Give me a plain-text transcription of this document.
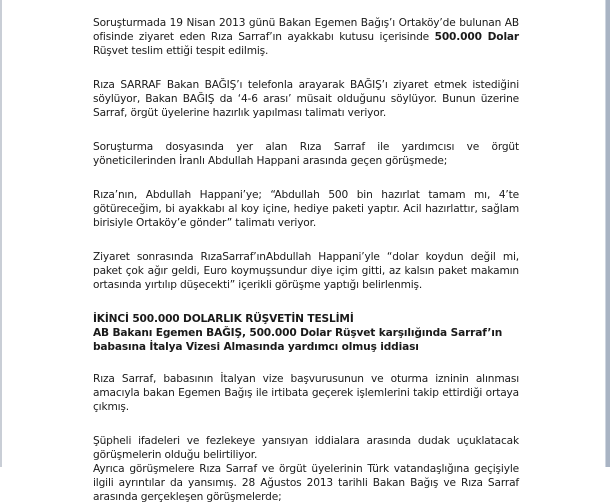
Soruşturmada 19 Nisan 2013 günü Bakan Egemen Bağış’ı Ortaköy’de bulunan AB ofisinde ziyaret eden Rıza Sarraf’ın ayakkabı kutusu içerisinde 500.000 Dolar Rüşvet teslim ettiği tespit edilmiş.

Rıza SARRAF Bakan BAĞIŞ’ı telefonla arayarak BAĞIŞ’ı ziyaret etmek istediğini söylüyor, Bakan BAĞIŞ da ‘4-6 arası’ müsait olduğunu söylüyor. Bunun üzerine Sarraf, örgüt üyelerine hazırlık yapılması talimatı veriyor.

Soruşturma dosyasında yer alan Rıza Sarraf ile yardımcısı ve örgüt yöneticilerinden İranlı Abdullah Happani arasında geçen görüşmede;

Rıza’nın, Abdullah Happani’ye; “Abdullah 500 bin hazırlat tamam mı, 4’te götüreceğim, bi ayakkabı al koy içine, hediye paketi yaptır. Acil hazırlattır, sağlam birisiyle Ortaköy’e gönder” talimatı veriyor.

Ziyaret sonrasında RızaSarraf’ınAbdullah Happani’yle “dolar koydun değil mi, paket çok ağır geldi, Euro koymuşsundur diye içim gitti, az kalsın paket makamın ortasında yırtılıp düşecekti” içerikli görüşme yaptığı belirlenmiş.

İKİNCİ 500.000 DOLARLIK RÜŞVETİN TESLİMİ

AB Bakanı Egemen BAĞIŞ, 500.000 Dolar Rüşvet karşılığında Sarraf’ın babasına İtalya Vizesi Almasında yardımcı olmuş iddiası

Rıza Sarraf, babasının İtalyan vize başvurusunun ve oturma izninin alınması amacıyla bakan Egemen Bağış ile irtibata geçerek işlemlerini takip ettirdiği ortaya çıkmış.

Şüpheli ifadeleri ve fezlekeye yansıyan iddialara arasında dudak uçuklatacak görüşmelerin olduğu belirtiliyor.

Ayrıca görüşmelere Rıza Sarraf ve örgüt üyelerinin Türk vatandaşlığına geçişiyle ilgili ayrıntılar da yansımış. 28 Ağustos 2013 tarihli Bakan Bağış ve Rıza Sarraf arasında gerçekleşen görüşmelerde;
